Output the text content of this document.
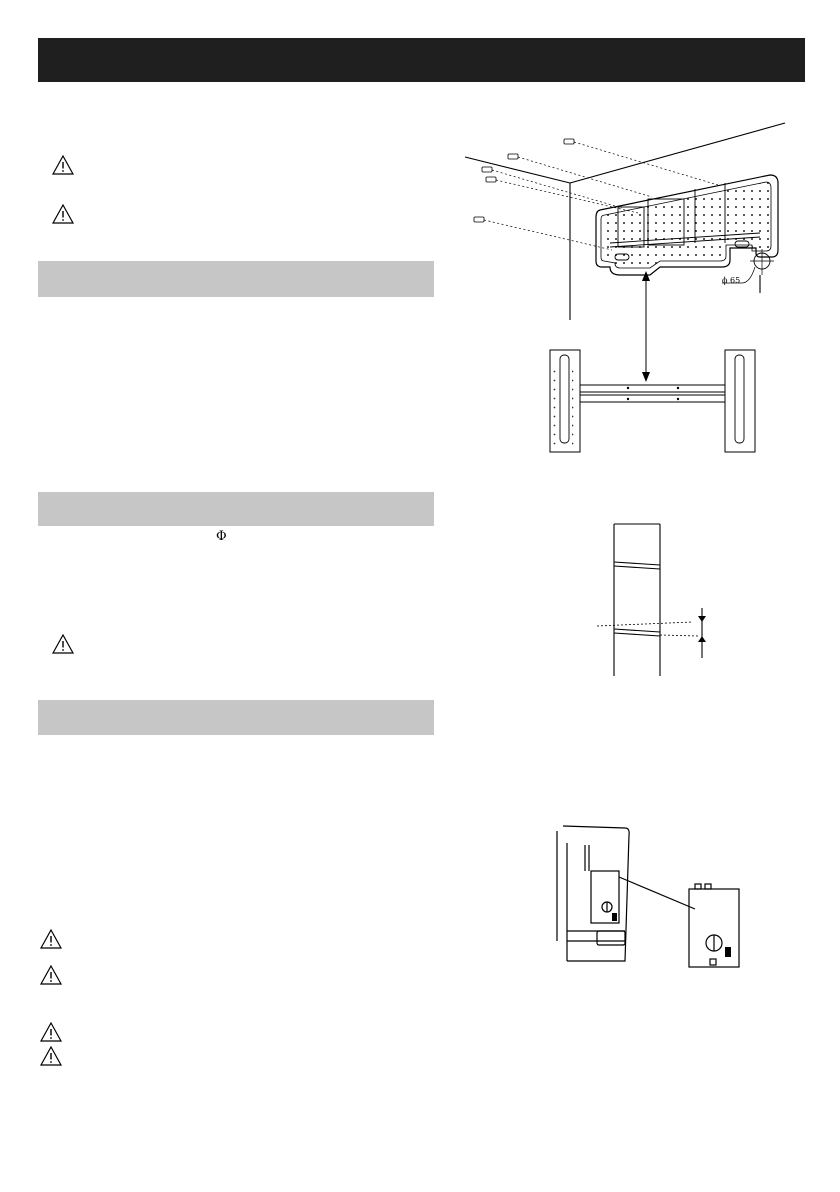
Φ
ϕ 65
